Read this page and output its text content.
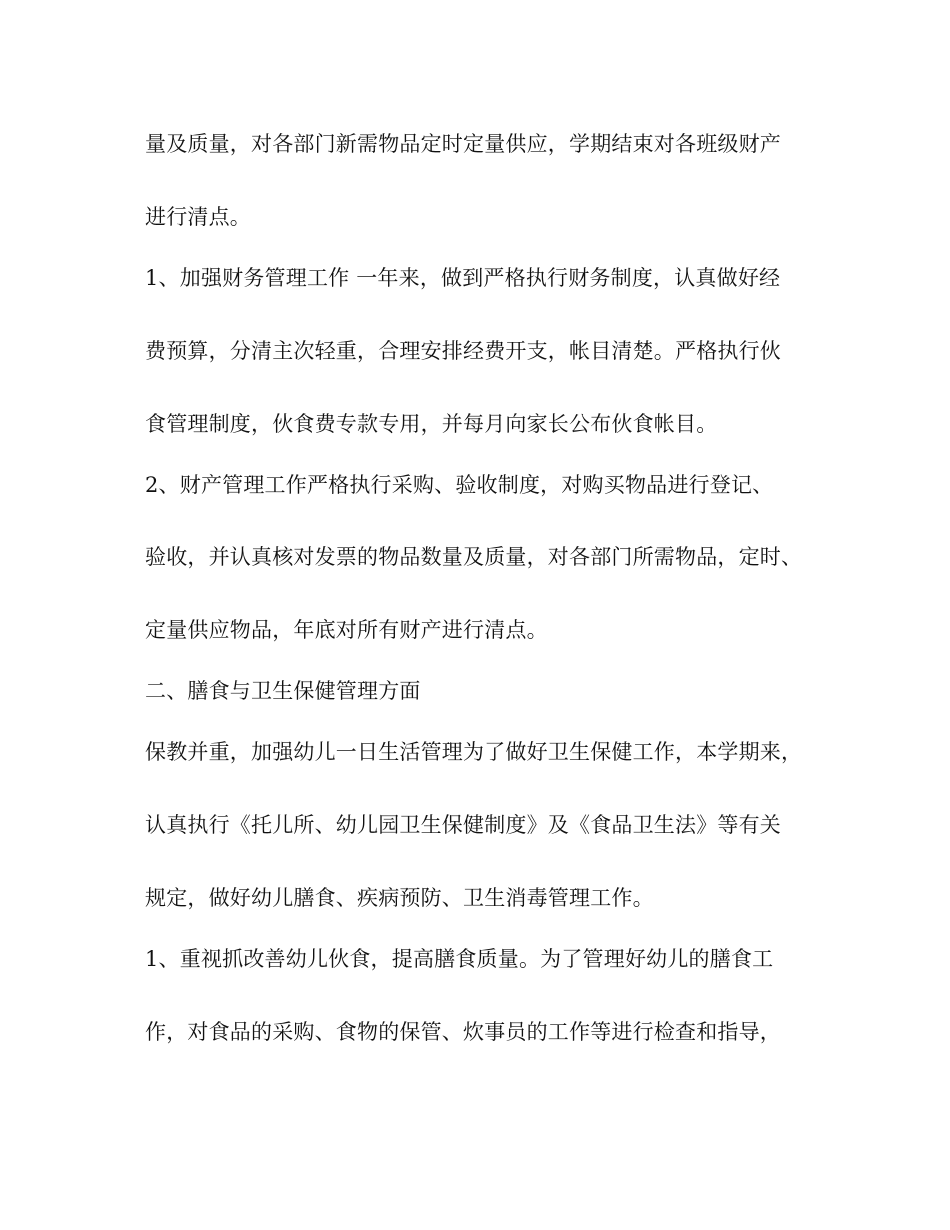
量及质量，对各部门新需物品定时定量供应，学期结束对各班级财产
进行清点。
1、加强财务管理工作 一年来，做到严格执行财务制度，认真做好经
费预算，分清主次轻重，合理安排经费开支，帐目清楚。严格执行伙
食管理制度，伙食费专款专用，并每月向家长公布伙食帐目。
2、财产管理工作严格执行采购、验收制度，对购买物品进行登记、
验收，并认真核对发票的物品数量及质量，对各部门所需物品，定时、
定量供应物品，年底对所有财产进行清点。
二、膳食与卫生保健管理方面
保教并重，加强幼儿一日生活管理为了做好卫生保健工作，本学期来，
认真执行《托儿所、幼儿园卫生保健制度》及《食品卫生法》等有关
规定，做好幼儿膳食、疾病预防、卫生消毒管理工作。
1、重视抓改善幼儿伙食，提高膳食质量。为了管理好幼儿的膳食工
作，对食品的采购、食物的保管、炊事员的工作等进行检查和指导，
